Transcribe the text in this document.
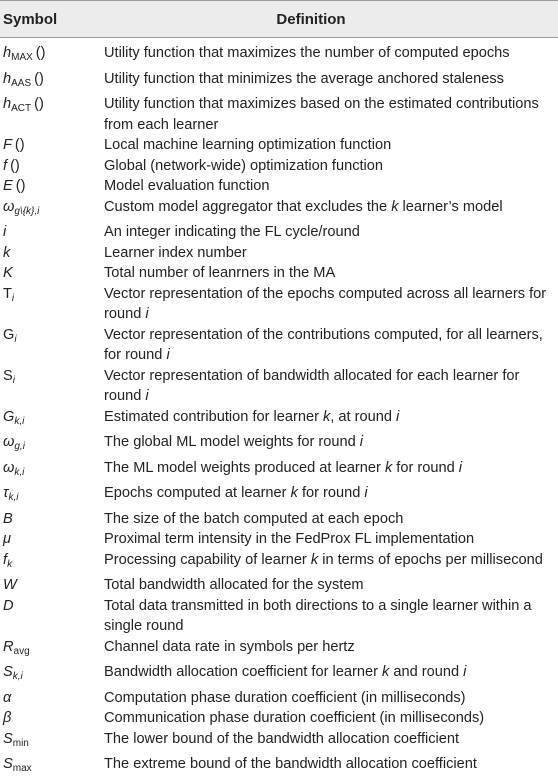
Symbol	Definition
$h_{MAX}$ ()	Utility function that maximizes the number of computed epochs
$h_{AAS}$ ()	Utility function that minimizes the average anchored staleness
$h_{ACT}$ ()	Utility function that maximizes based on the estimated contributions from each learner
F ()	Local machine learning optimization function
f ()	Global (network-wide) optimization function
E ()	Model evaluation function
$\omega_{g\backslash\{k\},i}$	Custom model aggregator that excludes the k learner’s model
i	An integer indicating the FL cycle/round
k	Learner index number
K	Total number of leanrners in the MA
$T_i$	Vector representation of the epochs computed across all learners for round i
$G_i$	Vector representation of the contributions computed, for all learners, for round i
$S_i$	Vector representation of bandwidth allocated for each learner for round i
$G_{k,i}$	Estimated contribution for learner k, at round i
$\omega_{g,i}$	The global ML model weights for round i
$\omega_{k,i}$	The ML model weights produced at learner k for round i
$\tau_{k,i}$	Epochs computed at learner k for round i
B	The size of the batch computed at each epoch
μ	Proximal term intensity in the FedProx FL implementation
$f_k$	Processing capability of learner k in terms of epochs per millisecond
W	Total bandwidth allocated for the system
D	Total data transmitted in both directions to a single learner within a single round
$R_{avg}$	Channel data rate in symbols per hertz
$S_{k,i}$	Bandwidth allocation coefficient for learner k and round i
α	Computation phase duration coefficient (in milliseconds)
β	Communication phase duration coefficient (in milliseconds)
$S_{min}$	The lower bound of the bandwidth allocation coefficient
$S_{max}$	The extreme bound of the bandwidth allocation coefficient
